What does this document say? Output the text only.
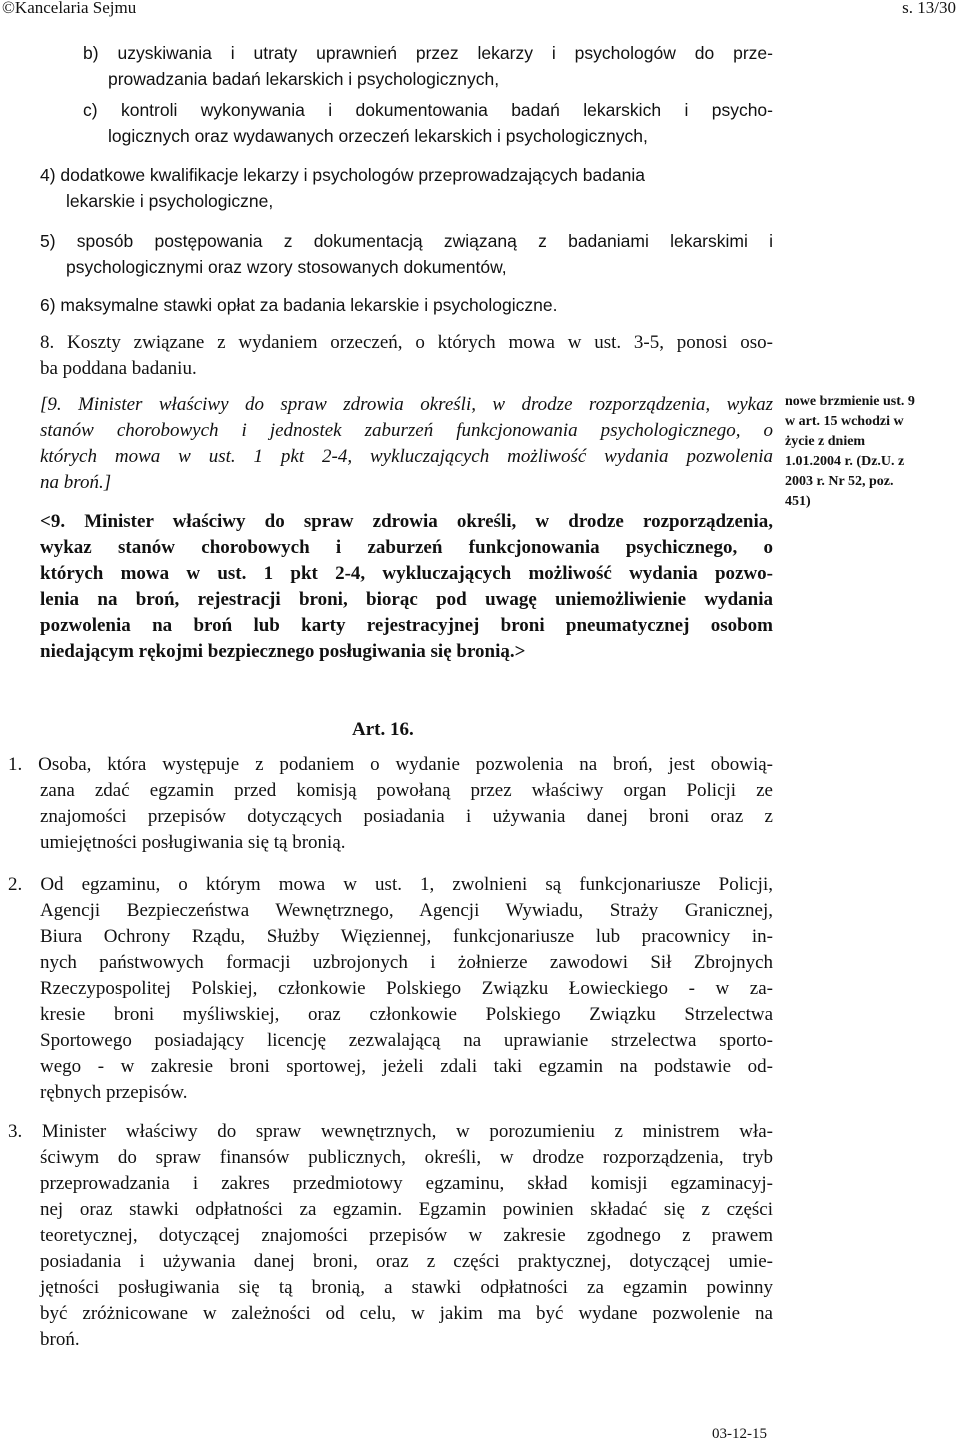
©Kancelaria Sejmu	s. 13/30

b) uzyskiwania i utraty uprawnień przez lekarzy i psychologów do prze-

prowadzania badań lekarskich i psychologicznych,

c) kontroli wykonywania i dokumentowania badań lekarskich i psycho-

logicznych oraz wydawanych orzeczeń lekarskich i psychologicznych,

4) dodatkowe kwalifikacje lekarzy i psychologów przeprowadzających badania

lekarskie i psychologiczne,

5) sposób postępowania z dokumentacją związaną z badaniami lekarskimi i

psychologicznymi oraz wzory stosowanych dokumentów,

6) maksymalne stawki opłat za badania lekarskie i psychologiczne.

8. Koszty związane z wydaniem orzeczeń, o których mowa w ust. 3-5, ponosi oso-

ba poddana badaniu.

[9. Minister właściwy do spraw zdrowia określi, w drodze rozporządzenia, wykaz

stanów chorobowych i jednostek zaburzeń funkcjonowania psychologicznego, o

których mowa w ust. 1 pkt 2-4, wykluczających możliwość wydania pozwolenia

na broń.]

<9. Minister właściwy do spraw zdrowia określi, w drodze rozporządzenia,

wykaz stanów chorobowych i zaburzeń funkcjonowania psychicznego, o

których mowa w ust. 1 pkt 2-4, wykluczających możliwość wydania pozwo-

lenia na broń, rejestracji broni, biorąc pod uwagę uniemożliwienie wydania

pozwolenia na broń lub karty rejestracyjnej broni pneumatycznej osobom

niedającym rękojmi bezpiecznego posługiwania się bronią.>

nowe brzmienie ust. 9
w art. 15 wchodzi w
życie z dniem
1.01.2004 r. (Dz.U. z
2003 r. Nr 52, poz.
451)

Art. 16.

1. Osoba, która występuje z podaniem o wydanie pozwolenia na broń, jest obowią-

zana zdać egzamin przed komisją powołaną przez właściwy organ Policji ze

znajomości przepisów dotyczących posiadania i używania danej broni oraz z

umiejętności posługiwania się tą bronią.

2. Od egzaminu, o którym mowa w ust. 1, zwolnieni są funkcjonariusze Policji,

Agencji Bezpieczeństwa Wewnętrznego, Agencji Wywiadu, Straży Granicznej,

Biura Ochrony Rządu, Służby Więziennej, funkcjonariusze lub pracownicy in-

nych państwowych formacji uzbrojonych i żołnierze zawodowi Sił Zbrojnych

Rzeczypospolitej Polskiej, członkowie Polskiego Związku Łowieckiego - w za-

kresie broni myśliwskiej, oraz członkowie Polskiego Związku Strzelectwa

Sportowego posiadający licencję zezwalającą na uprawianie strzelectwa sporto-

wego - w zakresie broni sportowej, jeżeli zdali taki egzamin na podstawie od-

rębnych przepisów.

3. Minister właściwy do spraw wewnętrznych, w porozumieniu z ministrem wła-

ściwym do spraw finansów publicznych, określi, w drodze rozporządzenia, tryb

przeprowadzania i zakres przedmiotowy egzaminu, skład komisji egzaminacyj-

nej oraz stawki odpłatności za egzamin. Egzamin powinien składać się z części

teoretycznej, dotyczącej znajomości przepisów w zakresie zgodnego z prawem

posiadania i używania danej broni, oraz z części praktycznej, dotyczącej umie-

jętności posługiwania się tą bronią, a stawki odpłatności za egzamin powinny

być zróżnicowane w zależności od celu, w jakim ma być wydane pozwolenie na

broń.

03-12-15
